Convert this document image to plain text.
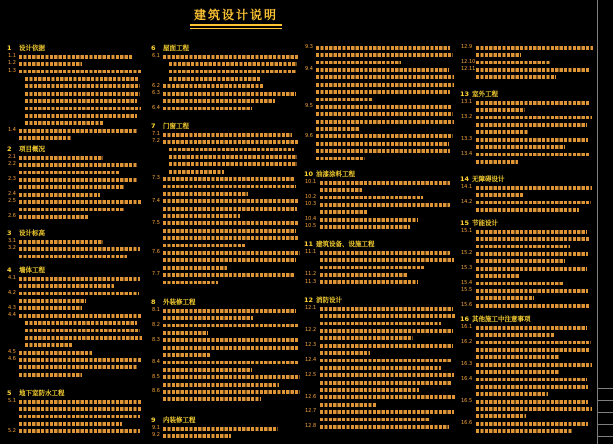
建筑设计说明
1 设计依据
1.1
1.2
1.3
1.4
2 项目概况
2.1
2.2
2.3
2.4
2.5
2.6
3 设计标高
3.1
3.2
4 墙体工程
4.1
4.2
4.3
4.4
4.5
4.6
5 地下室防水工程
5.1
5.2
6 屋面工程
6.1
6.2
6.3
6.4
7 门窗工程
7.1
7.2
7.3
7.4
7.5
7.6
7.7
8 外装修工程
8.1
8.2
8.3
8.4
8.5
8.6
9 内装修工程
9.1
9.2
9.3
9.4
9.5
9.6
10 油漆涂料工程
10.1
10.2
10.3
10.4
10.5
11 建筑设备、设施工程
11.1
11.2
11.3
12 消防设计
12.1
12.2
12.3
12.4
12.5
12.6
12.7
12.8
12.9
12.10
12.11
13 室外工程
13.1
13.2
13.3
13.4
14 无障碍设计
14.1
14.2
15 节能设计
15.1
15.2
15.3
15.4
15.5
15.6
16 其他施工中注意事项
16.1
16.2
16.3
16.4
16.5
16.6
